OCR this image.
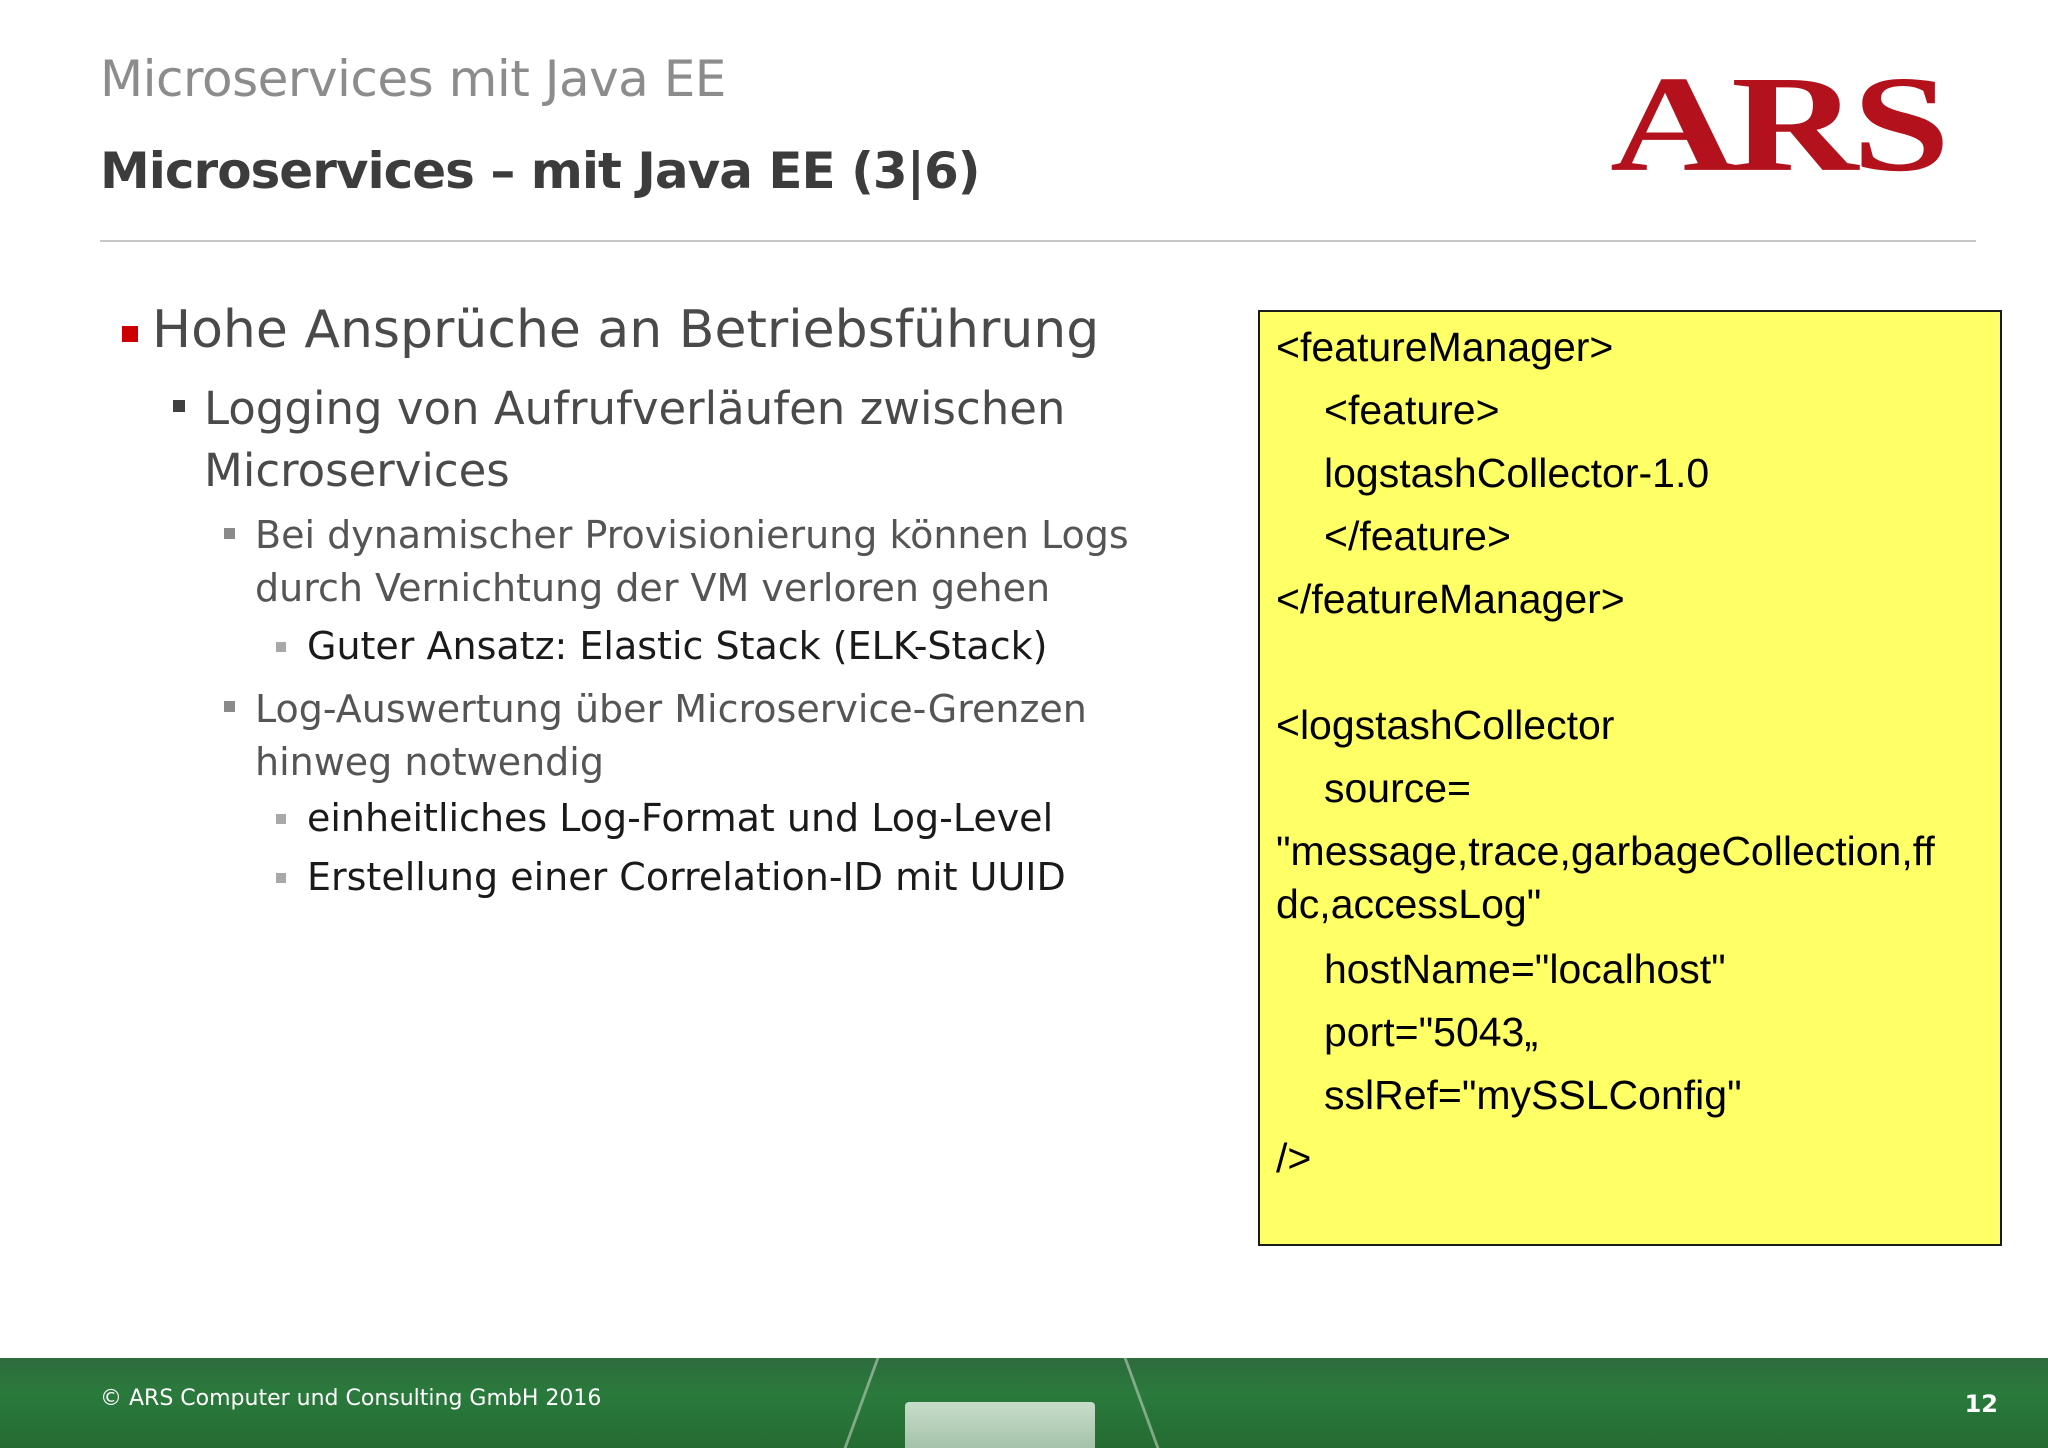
Microservices mit Java EE
Microservices – mit Java EE (3|6)	ARS
Hohe Ansprüche an Betriebsführung
Logging von Aufrufverläufen zwischen
Microservices
Bei dynamischer Provisionierung können Logs
durch Vernichtung der VM verloren gehen
Guter Ansatz: Elastic Stack (ELK-Stack)
Log-Auswertung über Microservice-Grenzen
hinweg notwendig
einheitliches Log-Format und Log-Level
Erstellung einer Correlation-ID mit UUID
<featureManager>
<feature>
logstashCollector-1.0
</feature>
</featureManager>
<logstashCollector
source=
"message,trace,garbageCollection,ff
dc,accessLog"
hostName="localhost"
port="5043„
sslRef="mySSLConfig"
/>
© ARS Computer und Consulting GmbH 2016	12
